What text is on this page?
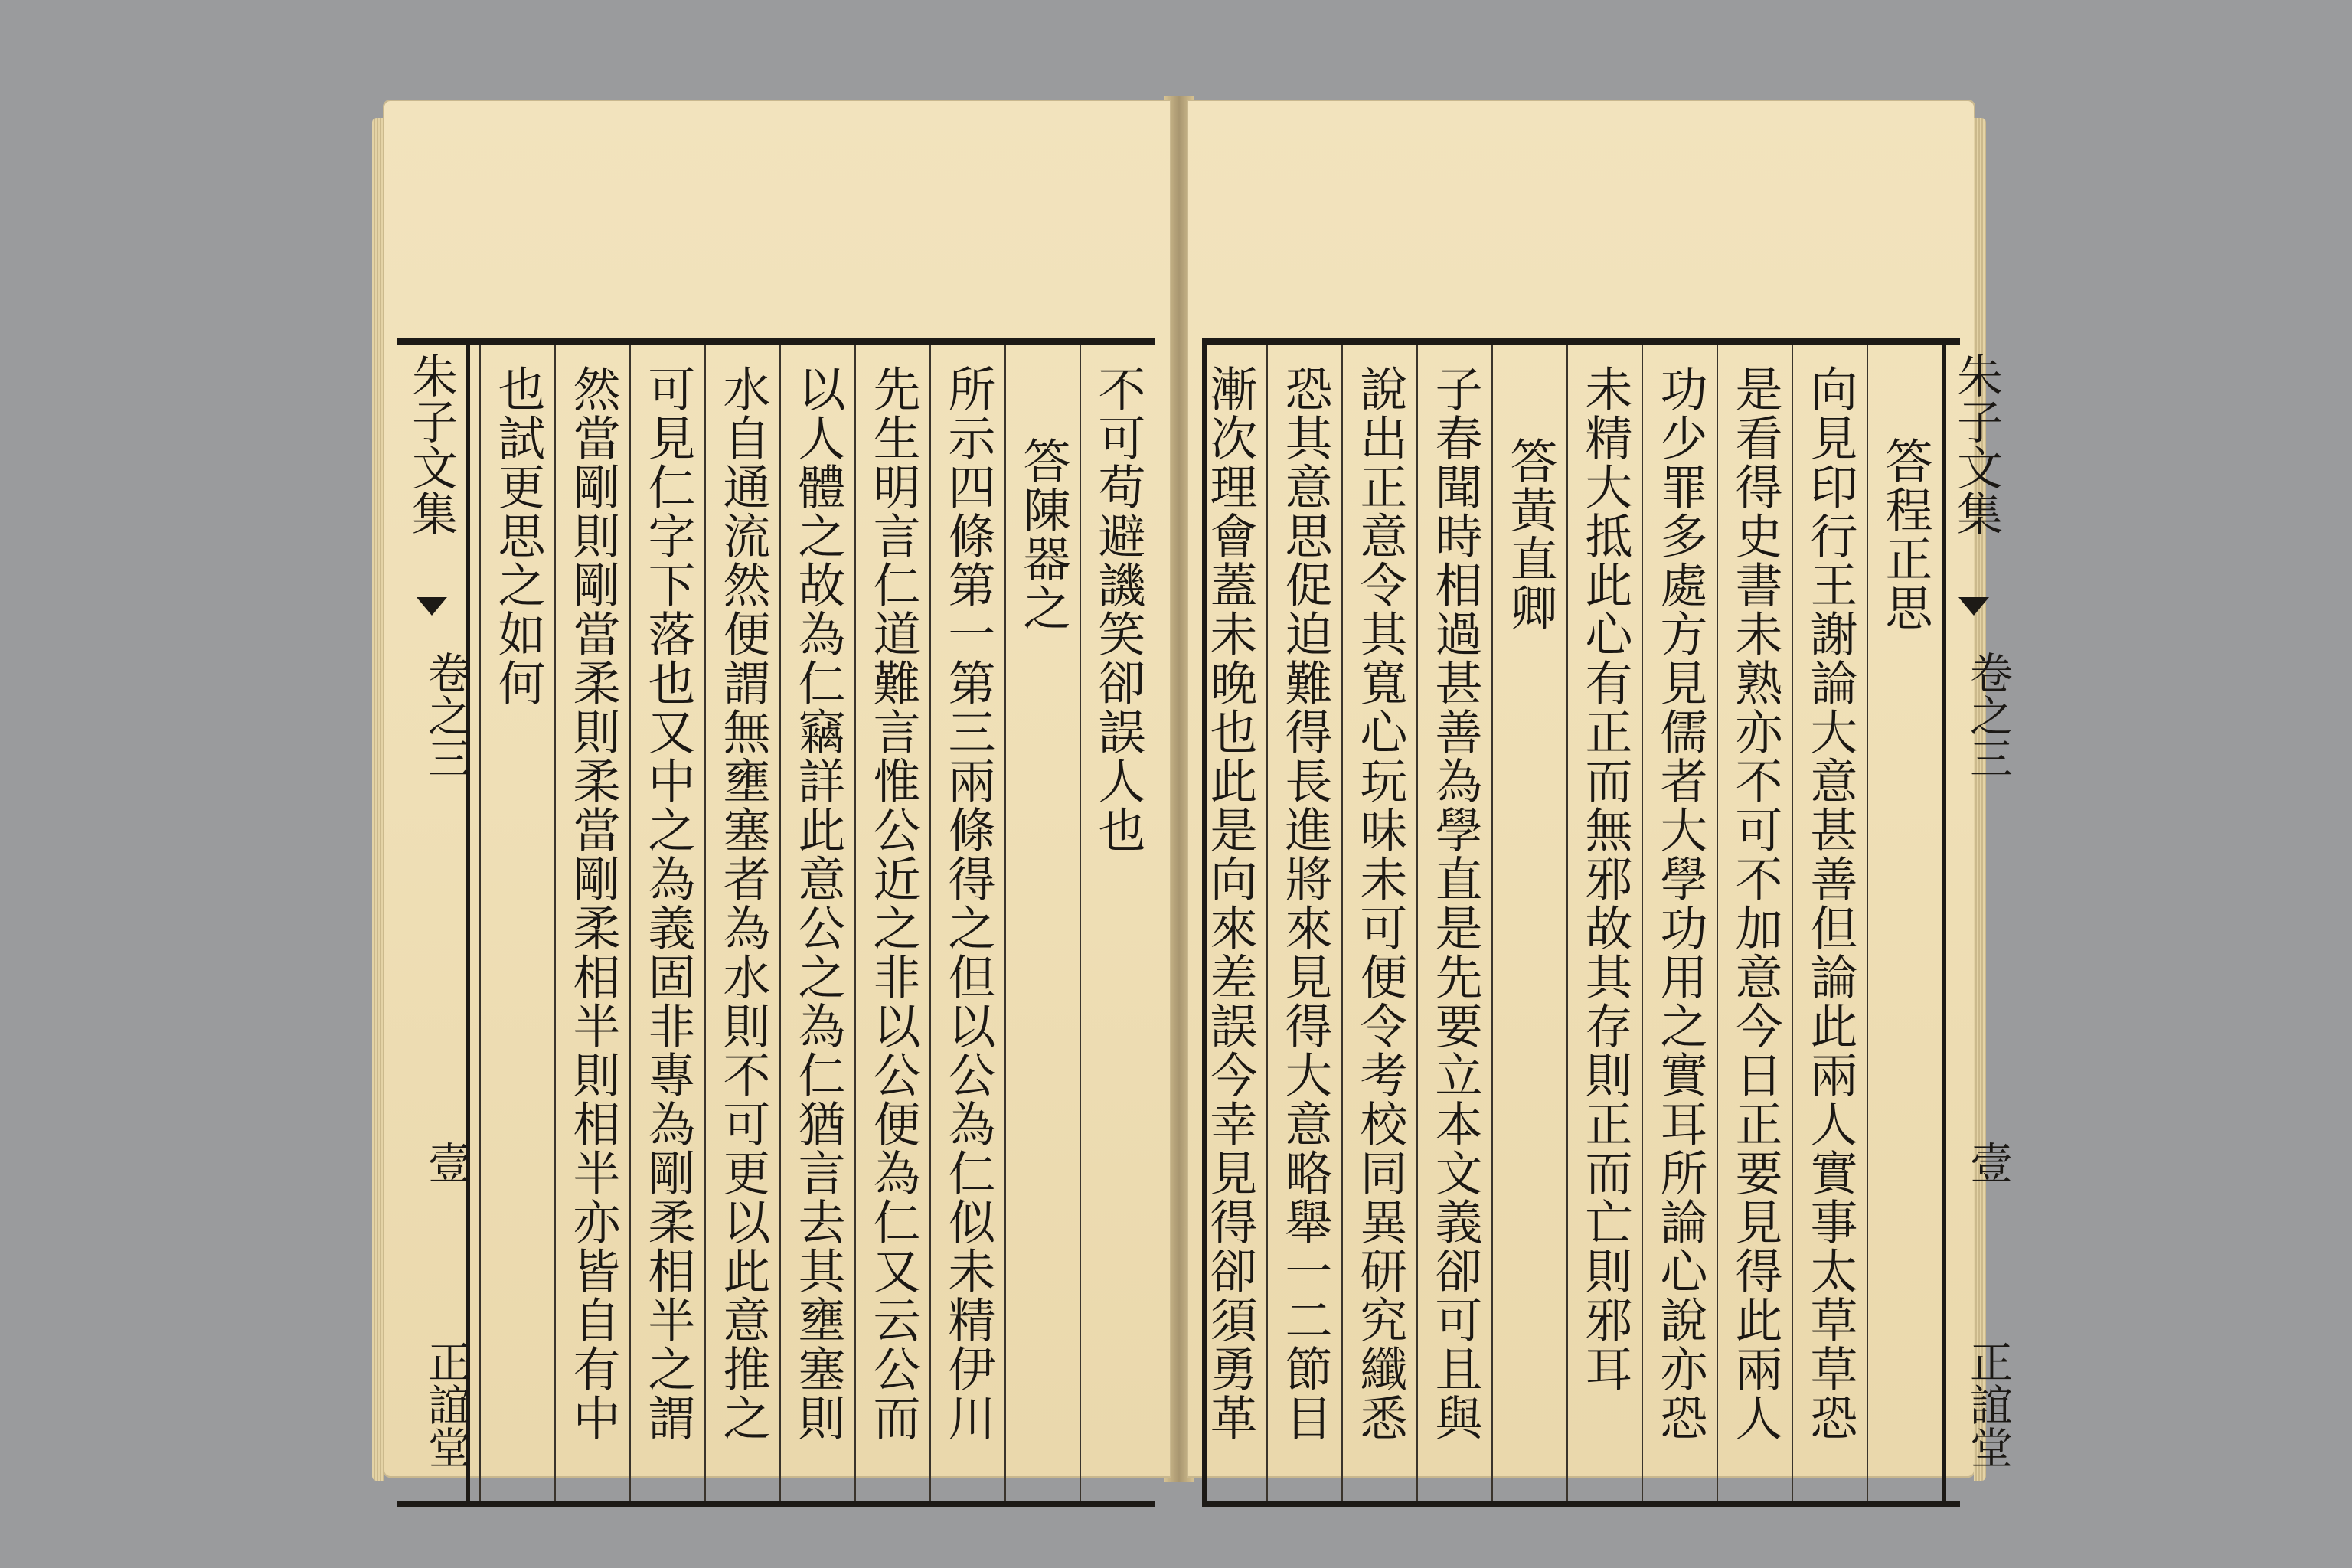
朱子文集
卷之三
壹
正誼堂
不可苟避譏笑卻誤人也
答陳器之
所示四條第一第三兩條得之但以公為仁似未精伊川
先生明言仁道難言惟公近之非以公便為仁又云公而
以人體之故為仁竊詳此意公之為仁猶言去其壅塞則
水自通流然便謂無壅塞者為水則不可更以此意推之
可見仁字下落也又中之為義固非專為剛柔相半之謂
然當剛則剛當柔則柔當剛柔相半則相半亦皆自有中
也試更思之如何	答程正思
向見印行王謝論大意甚善但論此兩人實事太草草恐
是看得史書未熟亦不可不加意今日正要見得此兩人
功少罪多處方見儒者大學功用之實耳所論心說亦恐
未精大抵此心有正而無邪故其存則正而亡則邪耳
答黃直卿
子春聞時相過甚善為學直是先要立本文義卻可且與
說出正意令其寬心玩味未可便令考校同異研究纖悉
恐其意思促迫難得長進將來見得大意略舉一二節目
漸次理會蓋未晚也此是向來差誤今幸見得卻須勇革	朱子文集
卷之三
壹
正誼堂
